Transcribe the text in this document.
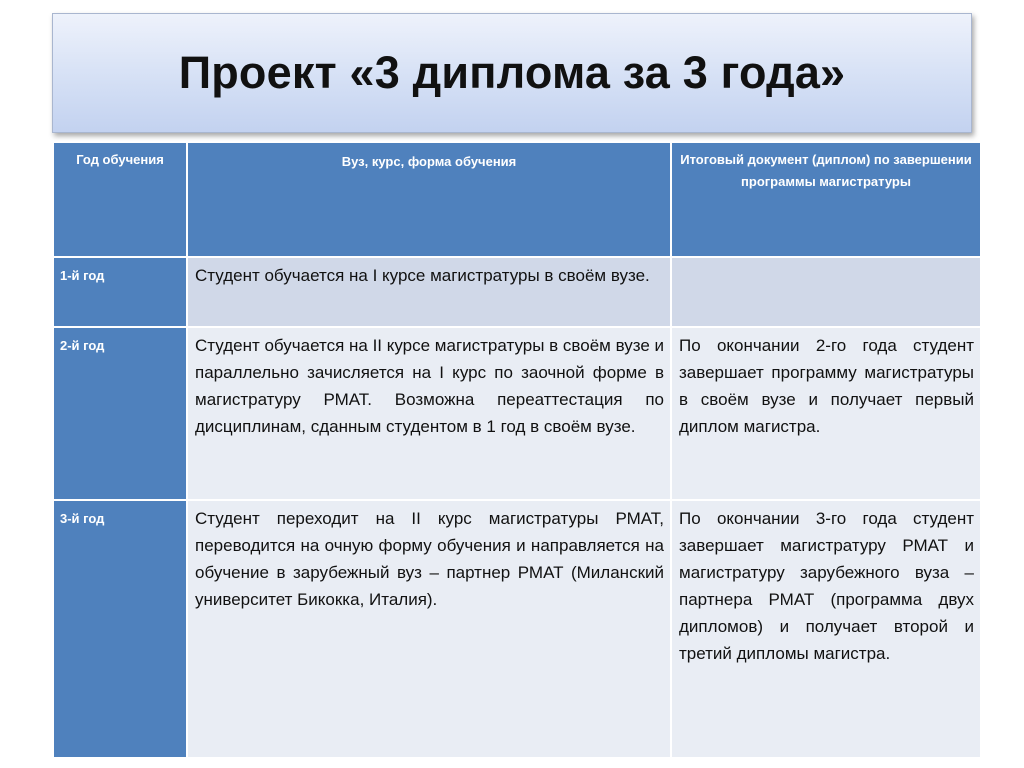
Проект «3 диплома за 3 года»
Год обучения	Вуз, курс, форма обучения	Итоговый документ (диплом) по завершении программы магистратуры
1-й год	Студент обучается на I курсе магистратуры в своём вузе.	
2-й год	Студент обучается на II курсе магистратуры в своём вузе и параллельно зачисляется на I курс по заочной форме в магистратуру РМАТ. Возможна переаттестация по дисциплинам, сданным студентом в 1 год в своём вузе.	По окончании 2-го года студент завершает программу магистратуры в своём вузе и получает первый диплом магистра.
3-й год	Студент переходит на II курс магистратуры РМАТ, переводится на очную форму обучения и направляется на обучение в зарубежный вуз – партнер РМАТ (Миланский университет Бикокка, Италия).	По окончании 3-го года студент завершает магистратуру РМАТ и магистратуру зарубежного вуза – партнера РМАТ (программа двух дипломов) и получает второй и третий дипломы магистра.
